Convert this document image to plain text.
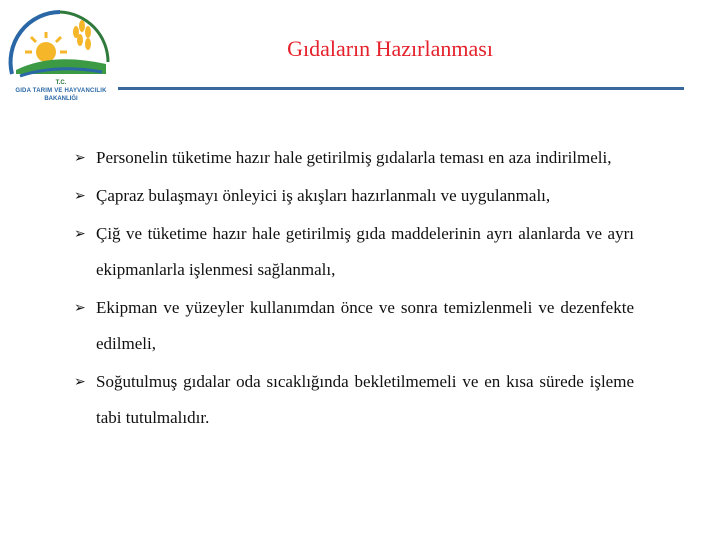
T.C.
GIDA TARIM VE HAYVANCILIK
BAKANLIĞI
Gıdaların Hazırlanması
➢ Personelin tüketime hazır hale getirilmiş gıdalarla teması en aza indirilmeli,
➢ Çapraz bulaşmayı önleyici iş akışları hazırlanmalı ve uygulanmalı,
➢ Çiğ ve tüketime hazır hale getirilmiş gıda maddelerinin ayrı alanlarda ve ayrı ekipmanlarla işlenmesi sağlanmalı,
➢ Ekipman ve yüzeyler kullanımdan önce ve sonra temizlenmeli ve dezenfekte edilmeli,
➢ Soğutulmuş gıdalar oda sıcaklığında bekletilmemeli ve en kısa sürede işleme tabi tutulmalıdır.
